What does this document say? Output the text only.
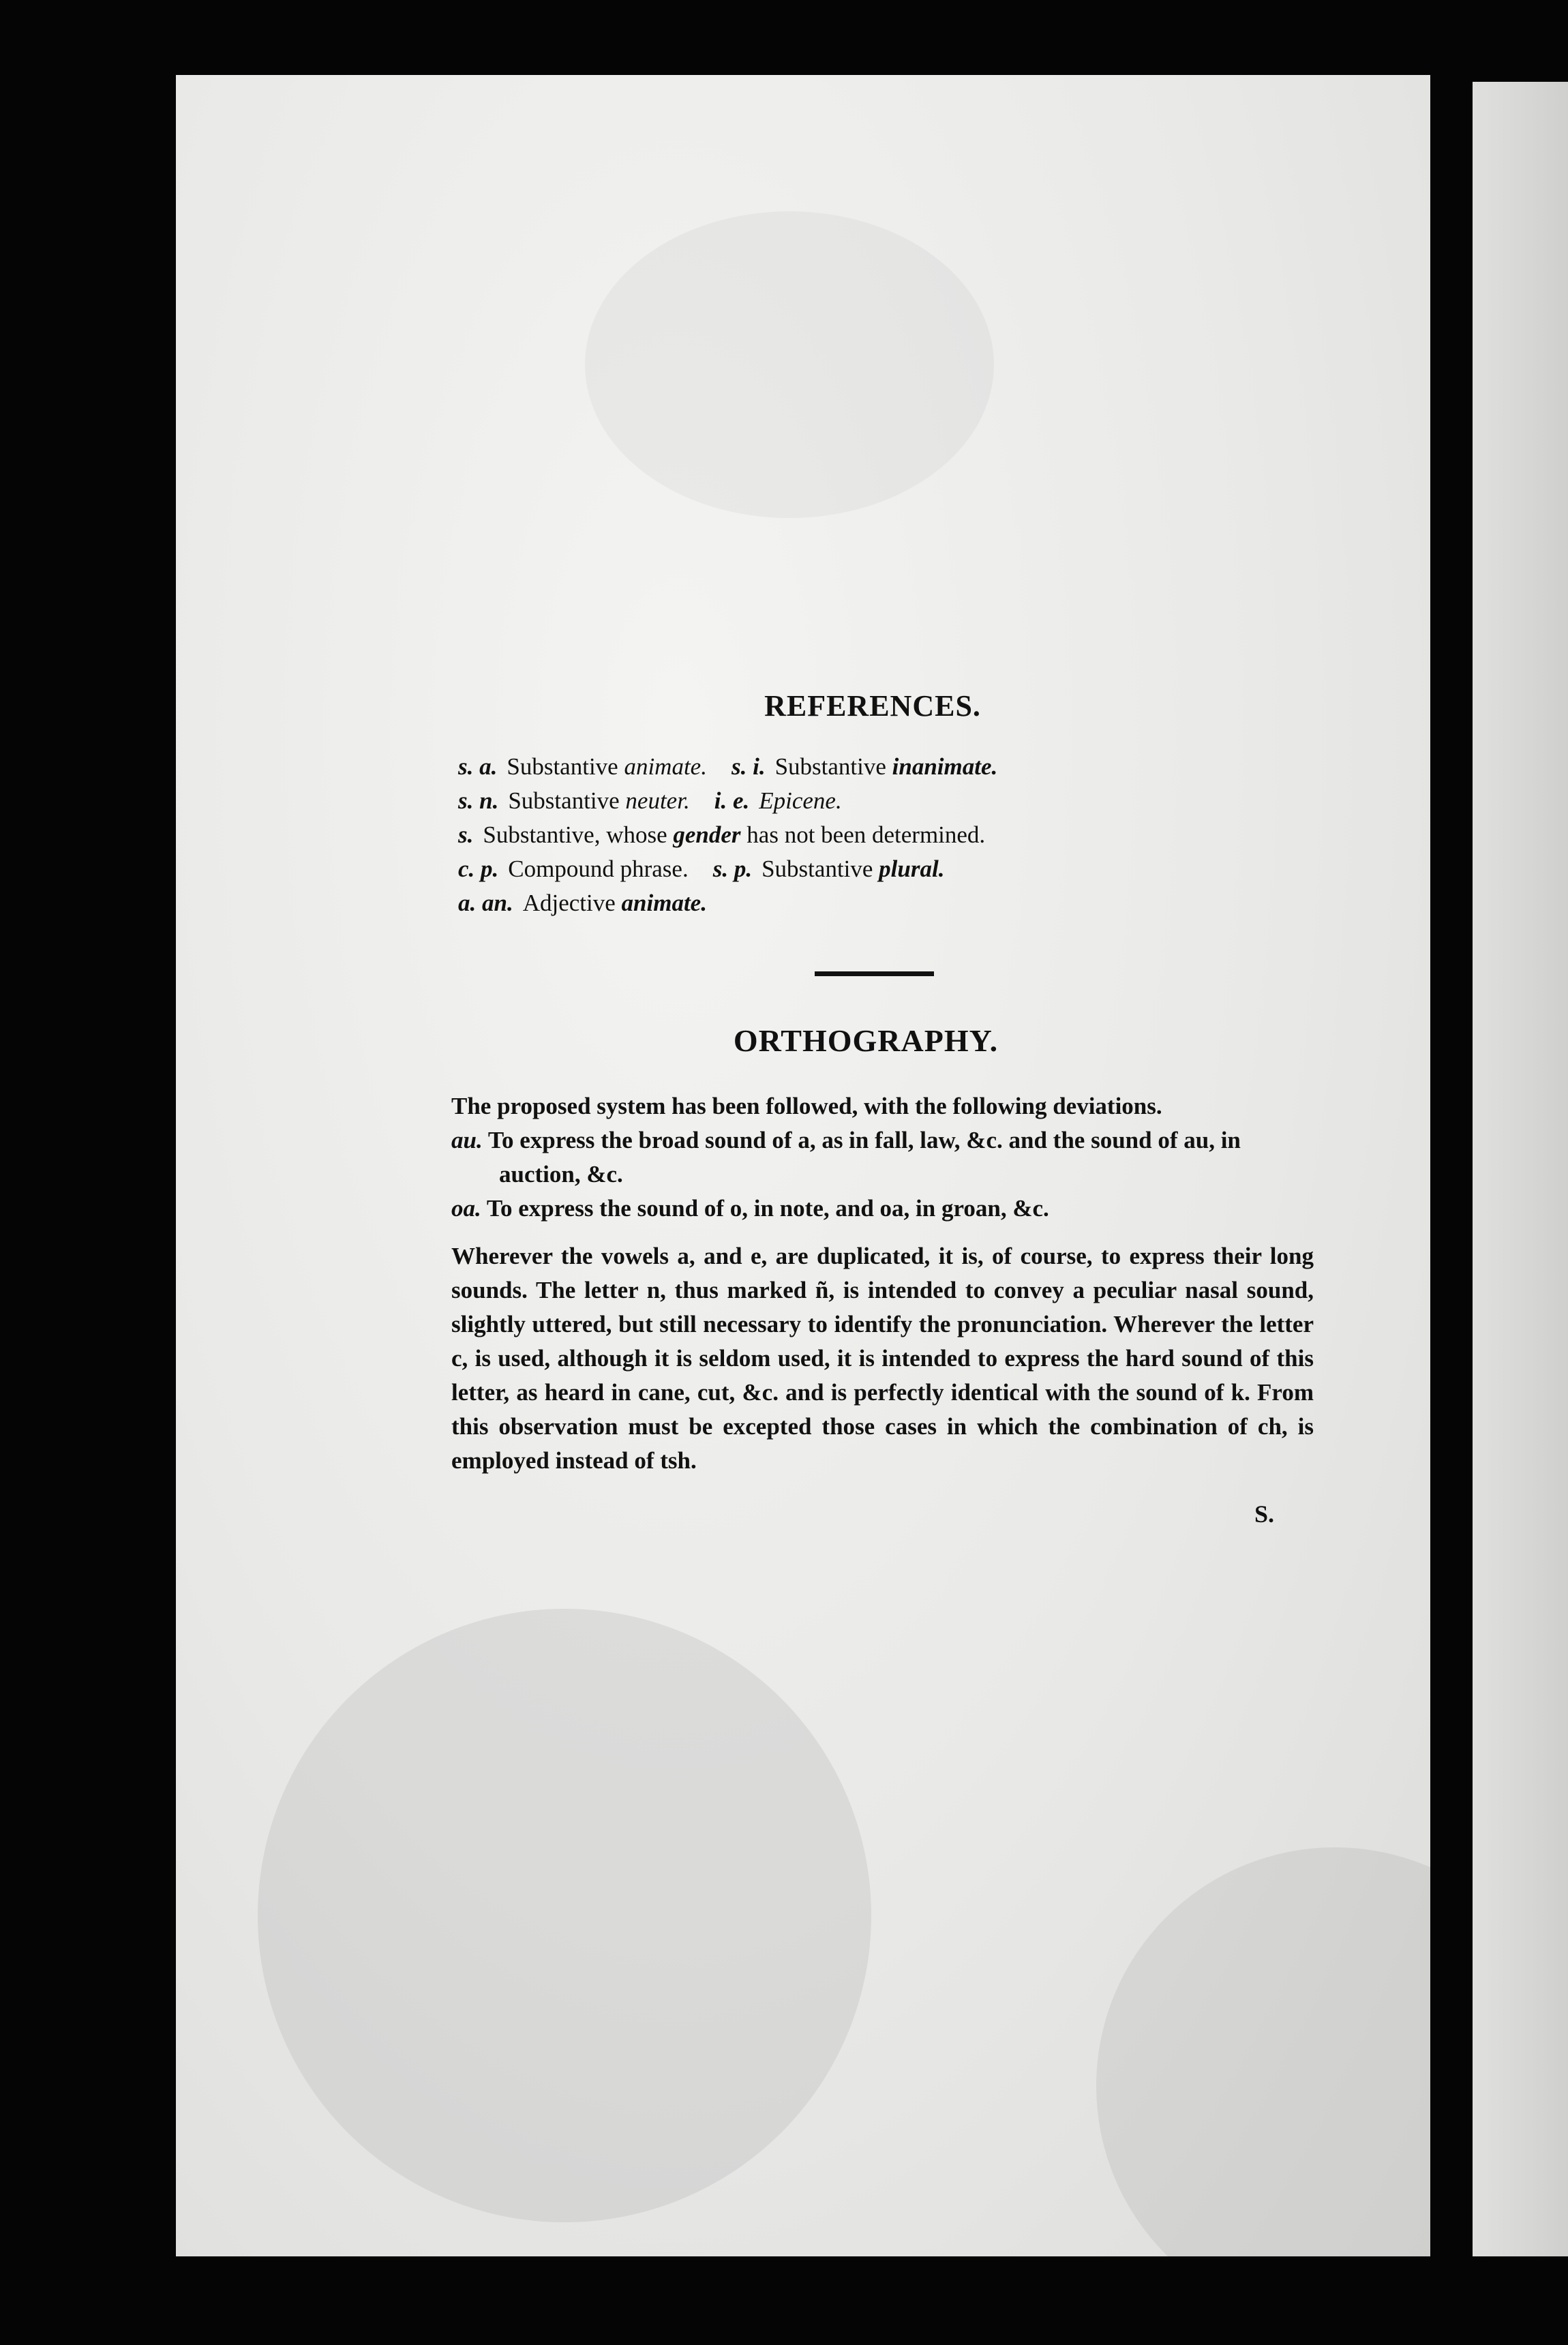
REFERENCES.
s. a. Substantive animate. s. i. Substantive inanimate.
s. n. Substantive neuter. i. e. Epicene.
s. Substantive, whose gender has not been determined.
c. p. Compound phrase. s. p. Substantive plural.
a. an. Adjective animate.
ORTHOGRAPHY.

The proposed system has been followed, with the following deviations.

au. To express the broad sound of a, as in fall, law, &c. and the sound of au, in auction, &c.

oa. To express the sound of o, in note, and oa, in groan, &c.

Wherever the vowels a, and e, are duplicated, it is, of course, to express their long sounds. The letter n, thus marked ñ, is intended to convey a peculiar nasal sound, slightly uttered, but still necessary to identify the pronunciation. Wherever the letter c, is used, although it is seldom used, it is intended to express the hard sound of this letter, as heard in cane, cut, &c. and is perfectly identical with the sound of k. From this observation must be excepted those cases in which the combination of ch, is employed instead of tsh.

S.
